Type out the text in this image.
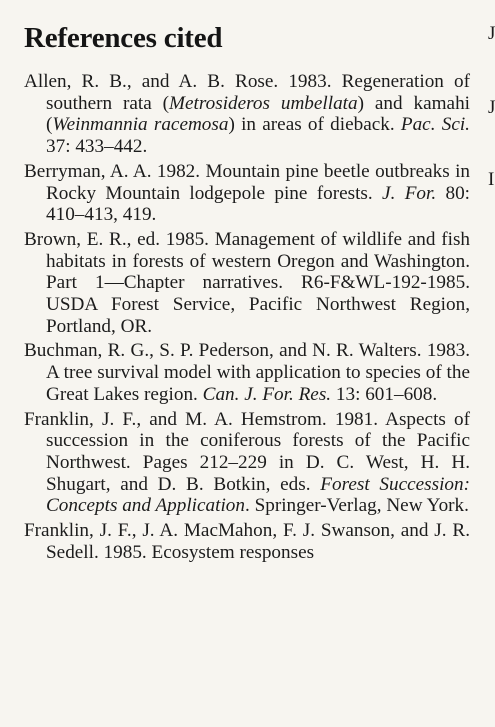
References cited

Allen, R. B., and A. B. Rose. 1983. Regeneration of southern rata (Metrosideros umbellata) and kamahi (Weinmannia racemosa) in areas of dieback. Pac. Sci. 37: 433–442.

Berryman, A. A. 1982. Mountain pine beetle outbreaks in Rocky Mountain lodgepole pine forests. J. For. 80: 410–413, 419.

Brown, E. R., ed. 1985. Management of wildlife and fish habitats in forests of western Oregon and Washington. Part 1—Chapter narratives. R6-F&WL-192-1985. USDA Forest Service, Pacific Northwest Region, Portland, OR.

Buchman, R. G., S. P. Pederson, and N. R. Walters. 1983. A tree survival model with application to species of the Great Lakes region. Can. J. For. Res. 13: 601–608.

Franklin, J. F., and M. A. Hemstrom. 1981. Aspects of succession in the coniferous forests of the Pacific Northwest. Pages 212–229 in D. C. West, H. H. Shugart, and D. B. Botkin, eds. Forest Succession: Concepts and Application. Springer-Verlag, New York.

Franklin, J. F., J. A. MacMahon, F. J. Swanson, and J. R. Sedell. 1985. Ecosystem responses

J
J
I
